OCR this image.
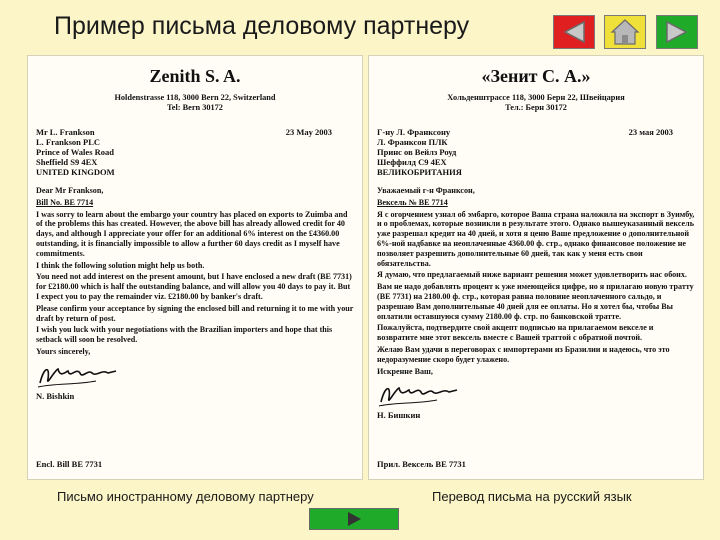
Пример письма деловому партнеру
Zenith S. A.
Holdenstrasse 118, 3000 Bern 22, Switzerland
Tel: Bern 30172
Mr L. Frankson
L. Frankson PLC
Prince of Wales Road
Sheffield S9 4EX
UNITED KINGDOM
23 May 2003

Dear Mr Frankson,

Bill No. BE 7714

I was sorry to learn about the embargo your country has placed on exports to Zuimba and of the problems this has created. However, the above bill has already allowed credit for 40 days, and although I appreciate your offer for an additional 6% interest on the £4360.00 outstanding, it is financially impossible to allow a further 60 days credit as I myself have commitments.

I think the following solution might help us both.

You need not add interest on the present amount, but I have enclosed a new draft (BE 7731) for £2180.00 which is half the outstanding balance, and will allow you 40 days to pay it. But I expect you to pay the remainder viz. £2180.00 by banker's draft.

Please confirm your acceptance by signing the enclosed bill and returning it to me with your draft by return of post.

I wish you luck with your negotiations with the Brazilian importers and hope that this setback will soon be resolved.

Yours sincerely,

N. Bishkin
Encl. Bill BE 7731
«Зенит С. А.»
Хольденштрассе 118, 3000 Берн 22, Швейцария
Тел.: Берн 30172
Г-ну Л. Франксону
Л. Франксон ПЛК
Принс ов Вейлз Роуд
Шеффилд С9 4ЕХ
ВЕЛИКОБРИТАНИЯ
23 мая 2003

Уважаемый г-н Франксон,

Вексель № ВЕ 7714

Я с огорчением узнал об эмбарго, которое Ваша страна наложила на экспорт в Зуимбу, и о проблемах, которые возникли в результате этого. Однако вышеуказанный вексель уже разрешал кредит на 40 дней, и хотя я ценю Ваше предложение о дополнительной 6%-ной надбавке на неоплаченные 4360.00 ф. стр., однако финансовое положение не позволяет разрешить дополнительные 60 дней, так как у меня есть свои обязательства.

Я думаю, что предлагаемый ниже вариант решения может удовлетворить нас обоих.

Вам не надо добавлять процент к уже имеющейся цифре, но я прилагаю новую тратту (ВЕ 7731) на 2180.00 ф. стр., которая равна половине неоплаченного сальдо, и разрешаю Вам дополнительные 40 дней для ее оплаты. Но я хотел бы, чтобы Вы оплатили оставшуюся сумму 2180.00 ф. стр. по банковской тратте.

Пожалуйста, подтвердите свой акцепт подписью на прилагаемом векселе и возвратите мне этот вексель вместе с Вашей траттой с обратной почтой.

Желаю Вам удачи в переговорах с импортерами из Бразилии и надеюсь, что это недоразумение скоро будет улажено.

Искренне Ваш,

Н. Бишкин
Прил. Вексель ВЕ 7731
Письмо иностранному деловому партнеру	Перевод письма на русский язык
